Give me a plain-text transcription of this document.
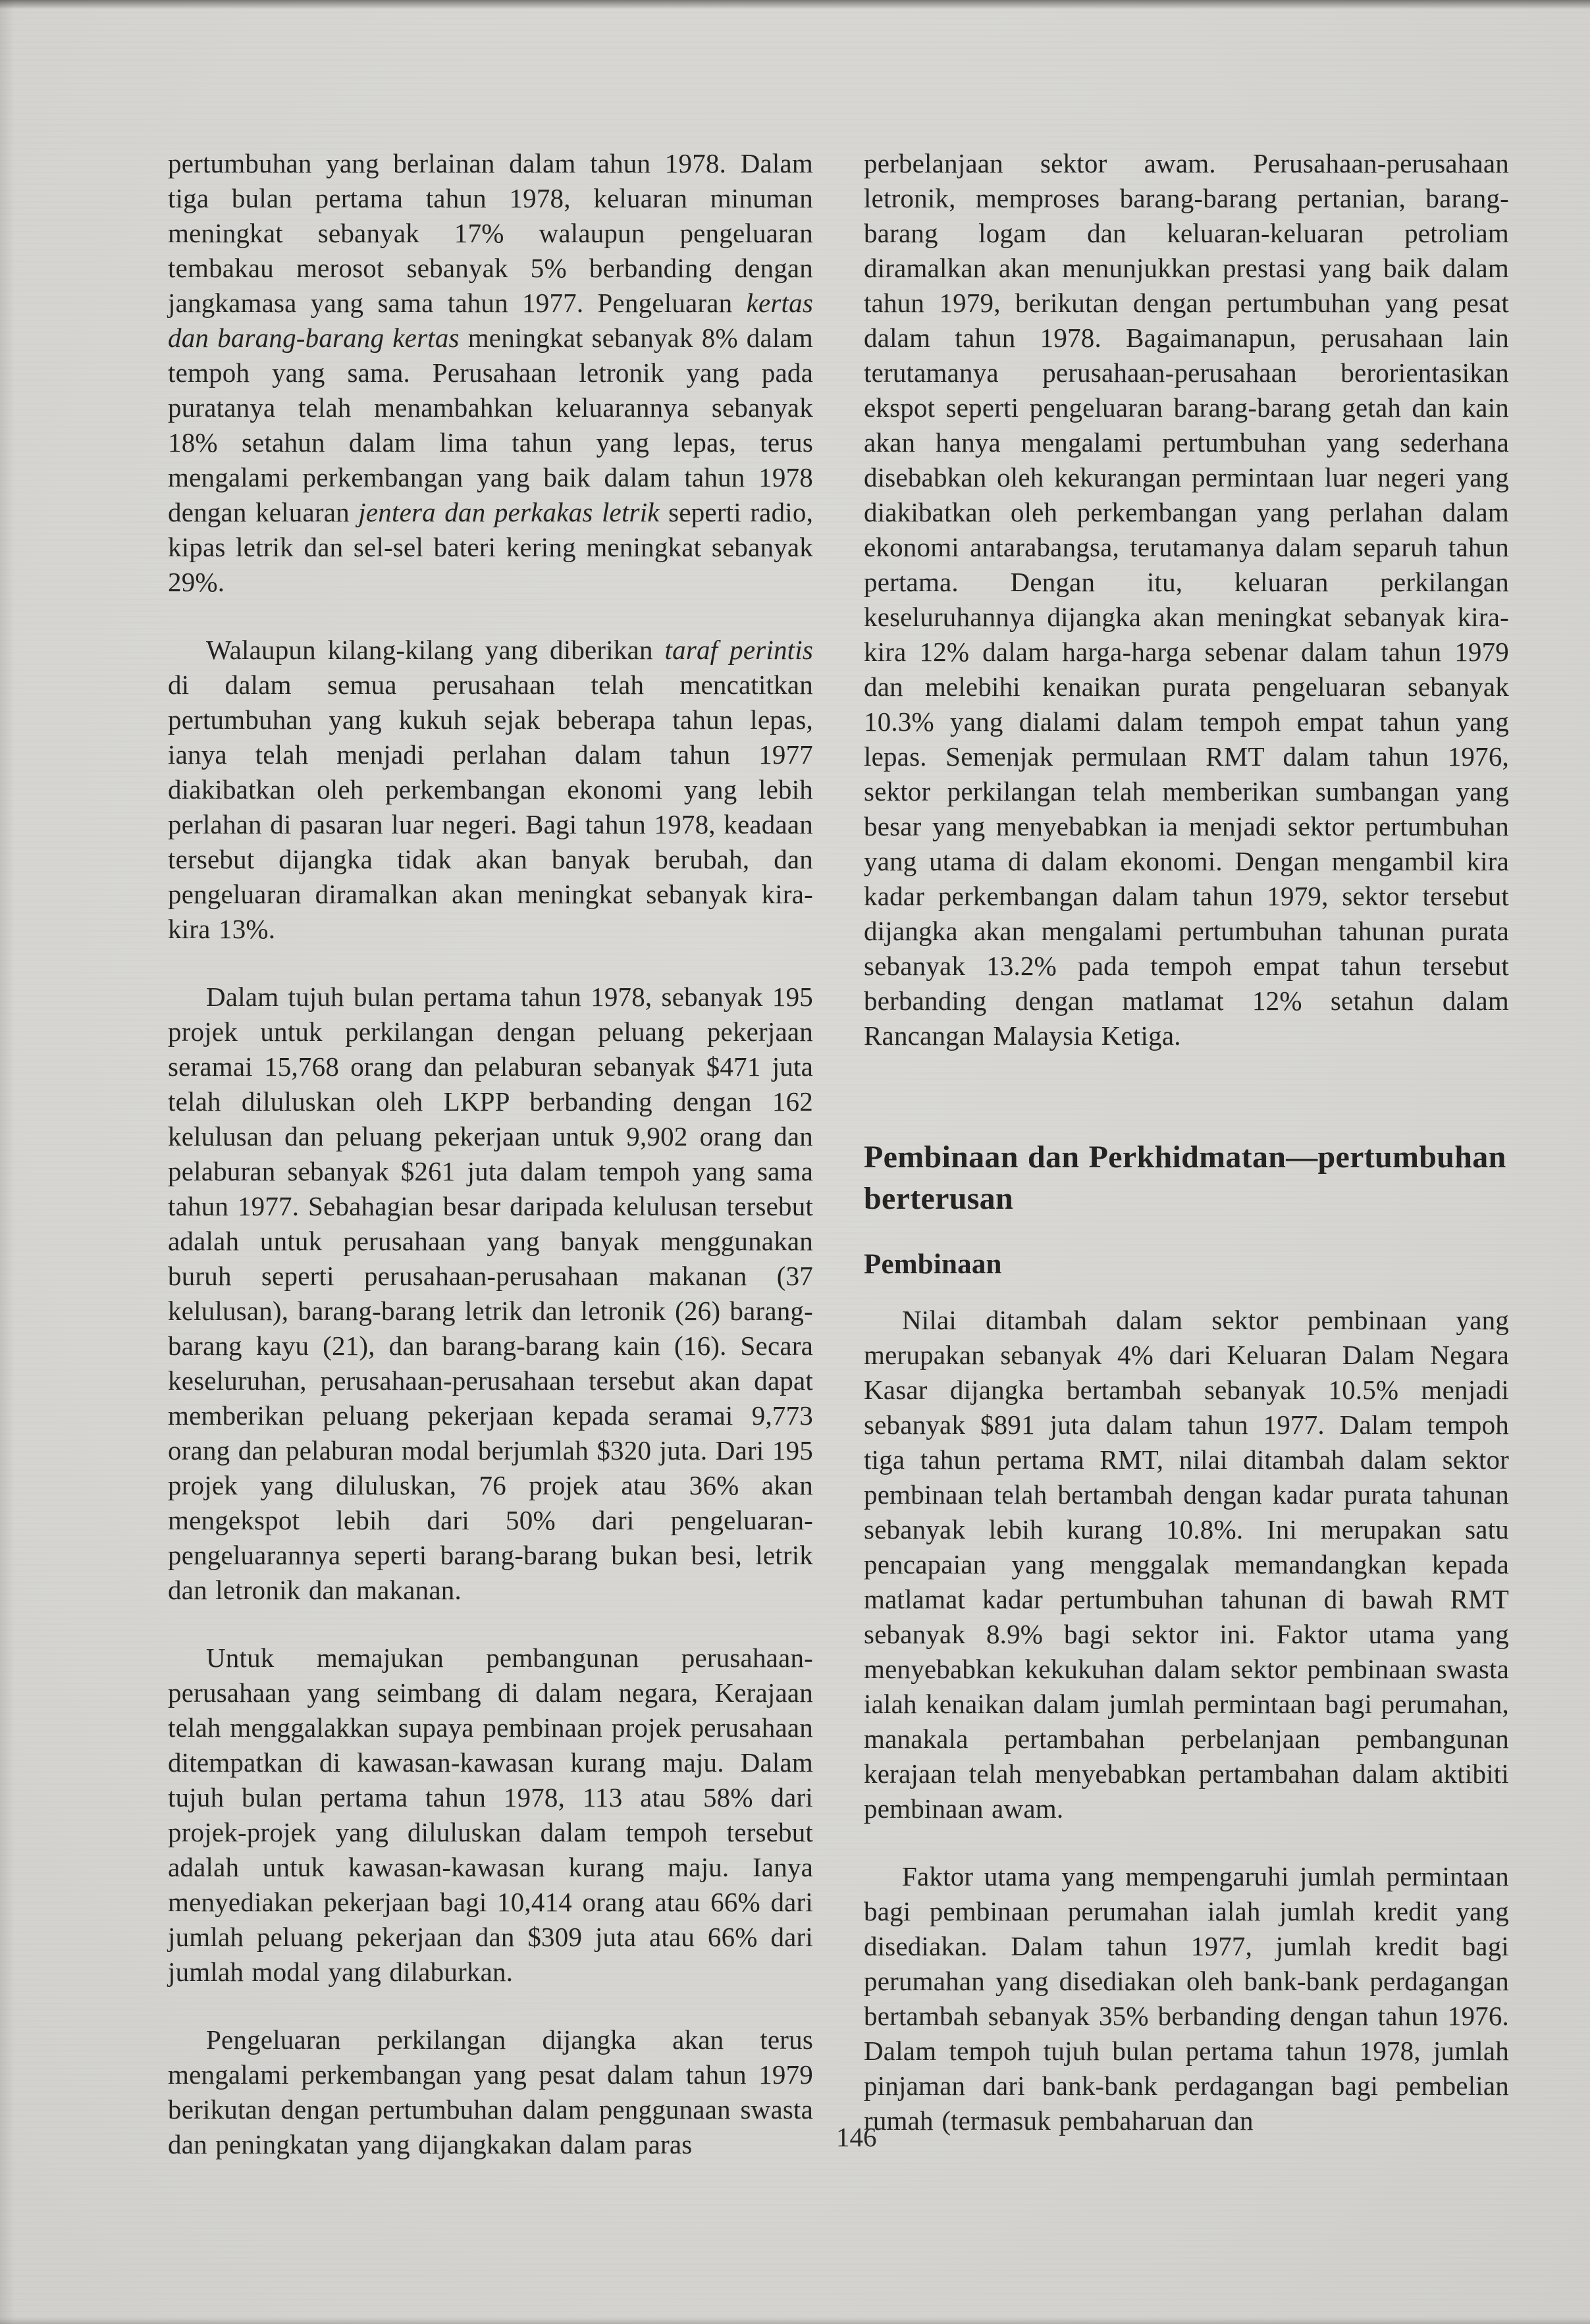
pertumbuhan yang berlainan dalam tahun 1978. Dalam tiga bulan pertama tahun 1978, keluaran minuman meningkat sebanyak 17% walaupun pengeluaran tembakau merosot sebanyak 5% berbanding dengan jangkamasa yang sama tahun 1977. Pengeluaran kertas dan barang-barang kertas meningkat sebanyak 8% dalam tempoh yang sama. Perusahaan letronik yang pada puratanya telah menambahkan keluarannya sebanyak 18% setahun dalam lima tahun yang lepas, terus mengalami perkembangan yang baik dalam tahun 1978 dengan keluaran jentera dan perkakas letrik seperti radio, kipas letrik dan sel-sel bateri kering meningkat sebanyak 29%.

Walaupun kilang-kilang yang diberikan taraf perintis di dalam semua perusahaan telah mencatitkan pertumbuhan yang kukuh sejak beberapa tahun lepas, ianya telah menjadi perlahan dalam tahun 1977 diakibatkan oleh perkembangan ekonomi yang lebih perlahan di pasaran luar negeri. Bagi tahun 1978, keadaan tersebut dijangka tidak akan banyak berubah, dan pengeluaran diramalkan akan meningkat sebanyak kira-kira 13%.

Dalam tujuh bulan pertama tahun 1978, sebanyak 195 projek untuk perkilangan dengan peluang pekerjaan seramai 15,768 orang dan pelaburan sebanyak $471 juta telah diluluskan oleh LKPP berbanding dengan 162 kelulusan dan peluang pekerjaan untuk 9,902 orang dan pelaburan sebanyak $261 juta dalam tempoh yang sama tahun 1977. Sebahagian besar daripada kelulusan tersebut adalah untuk perusahaan yang banyak menggunakan buruh seperti perusahaan-perusahaan makanan (37 kelulusan), barang-barang letrik dan letronik (26) barang-barang kayu (21), dan barang-barang kain (16). Secara keseluruhan, perusahaan-perusahaan tersebut akan dapat memberikan peluang pekerjaan kepada seramai 9,773 orang dan pelaburan modal berjumlah $320 juta. Dari 195 projek yang diluluskan, 76 projek atau 36% akan mengekspot lebih dari 50% dari pengeluaran-pengeluarannya seperti barang-barang bukan besi, letrik dan letronik dan makanan.

Untuk memajukan pembangunan perusahaan-perusahaan yang seimbang di dalam negara, Kerajaan telah menggalakkan supaya pembinaan projek perusahaan ditempatkan di kawasan-kawasan kurang maju. Dalam tujuh bulan pertama tahun 1978, 113 atau 58% dari projek-projek yang diluluskan dalam tempoh tersebut adalah untuk kawasan-kawasan kurang maju. Ianya menyediakan pekerjaan bagi 10,414 orang atau 66% dari jumlah peluang pekerjaan dan $309 juta atau 66% dari jumlah modal yang dilaburkan.

Pengeluaran perkilangan dijangka akan terus mengalami perkembangan yang pesat dalam tahun 1979 berikutan dengan pertumbuhan dalam penggunaan swasta dan peningkatan yang dijangkakan dalam paras

perbelanjaan sektor awam. Perusahaan-perusahaan letronik, memproses barang-barang pertanian, barang-barang logam dan keluaran-keluaran petroliam diramalkan akan menunjukkan prestasi yang baik dalam tahun 1979, berikutan dengan pertumbuhan yang pesat dalam tahun 1978. Bagaimanapun, perusahaan lain terutamanya perusahaan-perusahaan berorientasikan ekspot seperti pengeluaran barang-barang getah dan kain akan hanya mengalami pertumbuhan yang sederhana disebabkan oleh kekurangan permintaan luar negeri yang diakibatkan oleh perkembangan yang perlahan dalam ekonomi antarabangsa, terutamanya dalam separuh tahun pertama. Dengan itu, keluaran perkilangan keseluruhannya dijangka akan meningkat sebanyak kira-kira 12% dalam harga-harga sebenar dalam tahun 1979 dan melebihi kenaikan purata pengeluaran sebanyak 10.3% yang dialami dalam tempoh empat tahun yang lepas. Semenjak permulaan RMT dalam tahun 1976, sektor perkilangan telah memberikan sumbangan yang besar yang menyebabkan ia menjadi sektor pertumbuhan yang utama di dalam ekonomi. Dengan mengambil kira kadar perkembangan dalam tahun 1979, sektor tersebut dijangka akan mengalami pertumbuhan tahunan purata sebanyak 13.2% pada tempoh empat tahun tersebut berbanding dengan matlamat 12% setahun dalam Rancangan Malaysia Ketiga.

Pembinaan dan Perkhidmatan—pertumbuhan berterusan
Pembinaan

Nilai ditambah dalam sektor pembinaan yang merupakan sebanyak 4% dari Keluaran Dalam Negara Kasar dijangka bertambah sebanyak 10.5% menjadi sebanyak $891 juta dalam tahun 1977. Dalam tempoh tiga tahun pertama RMT, nilai ditambah dalam sektor pembinaan telah bertambah dengan kadar purata tahunan sebanyak lebih kurang 10.8%. Ini merupakan satu pencapaian yang menggalak memandangkan kepada matlamat kadar pertumbuhan tahunan di bawah RMT sebanyak 8.9% bagi sektor ini. Faktor utama yang menyebabkan kekukuhan dalam sektor pembinaan swasta ialah kenaikan dalam jumlah permintaan bagi perumahan, manakala pertambahan perbelanjaan pembangunan kerajaan telah menyebabkan pertambahan dalam aktibiti pembinaan awam.

Faktor utama yang mempengaruhi jumlah permintaan bagi pembinaan perumahan ialah jumlah kredit yang disediakan. Dalam tahun 1977, jumlah kredit bagi perumahan yang disediakan oleh bank-bank perdagangan bertambah sebanyak 35% berbanding dengan tahun 1976. Dalam tempoh tujuh bulan pertama tahun 1978, jumlah pinjaman dari bank-bank perdagangan bagi pembelian rumah (termasuk pembaharuan dan

146
